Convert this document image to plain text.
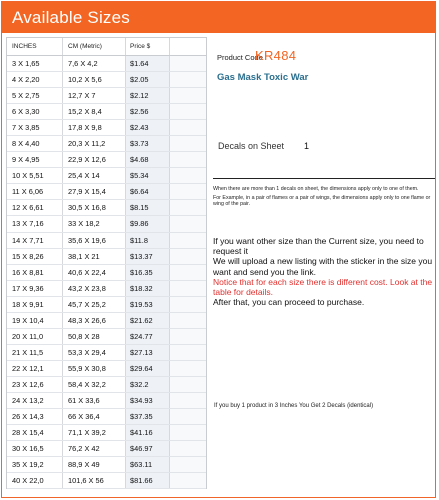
Available Sizes
INCHES	CM (Metric)	Price $
3 X 1,65	7,6 X 4,2	$1.64
4 X 2,20	10,2 X 5,6	$2.05
5 X 2,75	12,7 X 7	$2.12
6 X 3,30	15,2 X 8,4	$2.56
7 X 3,85	17,8 X 9,8	$2.43
8 X 4,40	20,3 X 11,2	$3.73
9 X 4,95	22,9 X 12,6	$4.68
10 X 5,51	25,4 X 14	$5.34
11 X 6,06	27,9 X 15,4	$6.64
12 X 6,61	30,5 X 16,8	$8.15
13 X 7,16	33 X 18,2	$9.86
14 X 7,71	35,6 X 19,6	$11.8
15 X 8,26	38,1 X 21	$13.37
16 X 8,81	40,6 X 22,4	$16.35
17 X 9,36	43,2 X 23,8	$18.32
18 X 9,91	45,7 X 25,2	$19.53
19 X 10,4	48,3 X 26,6	$21.62
20 X 11,0	50,8 X 28	$24.77
21 X 11,5	53,3 X 29,4	$27.13
22 X 12,1	55,9 X 30,8	$29.64
23 X 12,6	58,4 X 32,2	$32.2
24 X 13,2	61 X 33,6	$34.93
26 X 14,3	66 X 36,4	$37.35
28 X 15,4	71,1 X 39,2	$41.16
30 X 16,5	76,2 X 42	$46.97
35 X 19,2	88,9 X 49	$63.11
40 X 22,0	101,6 X 56	$81.66
Product Code
KR484
Gas Mask Toxic War
Decals on Sheet 1

When there are more than 1 decals on sheet, the dimensions apply only to one of them.

For Example, in a pair of flames or a pair of wings, the dimensions apply only to one flame or wing of the pair.

If you want other size than the Current size, you need to request it

We will upload a new listing with the sticker in the size you want and send you the link.

Notice that for each size there is different cost. Look at the table for details.

After that, you can proceed to purchase.

If you buy 1 product in 3 Inches You Get 2 Decals (identical)
